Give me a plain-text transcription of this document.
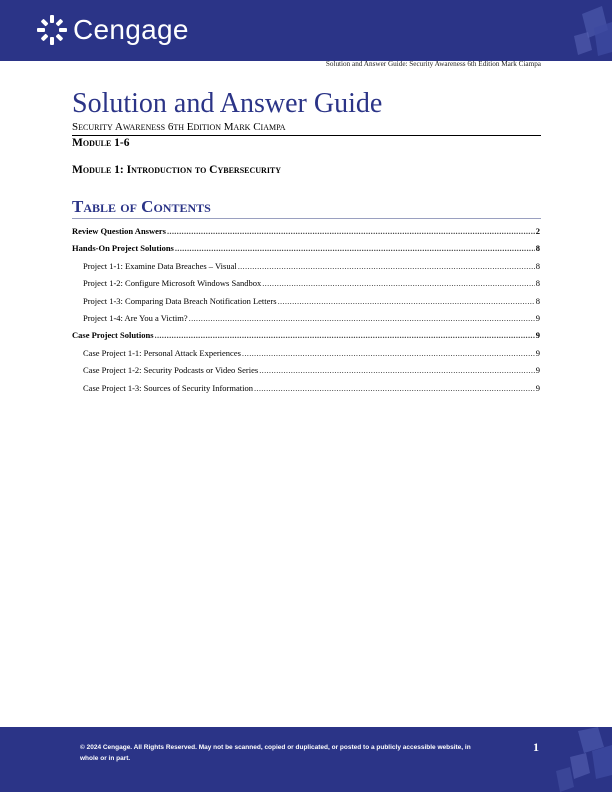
Cengage
Solution and Answer Guide: Security Awareness 6th Edition Mark Ciampa
Solution and Answer Guide
Security Awareness 6th Edition Mark Ciampa
Module 1-6
Module 1: Introduction to Cybersecurity
Table of Contents
Review Question Answers .....	2
Hands-On Project Solutions .....	8
Project 1-1: Examine Data Breaches – Visual .....	8
Project 1-2: Configure Microsoft Windows Sandbox .....	8
Project 1-3: Comparing Data Breach Notification Letters .....	8
Project 1-4: Are You a Victim? .....	9
Case Project Solutions .....	9
Case Project 1-1: Personal Attack Experiences .....	9
Case Project 1-2: Security Podcasts or Video Series .....	9
Case Project 1-3: Sources of Security Information .....	9
© 2024 Cengage. All Rights Reserved. May not be scanned, copied or duplicated, or posted to a publicly accessible website, in whole or in part.
1
